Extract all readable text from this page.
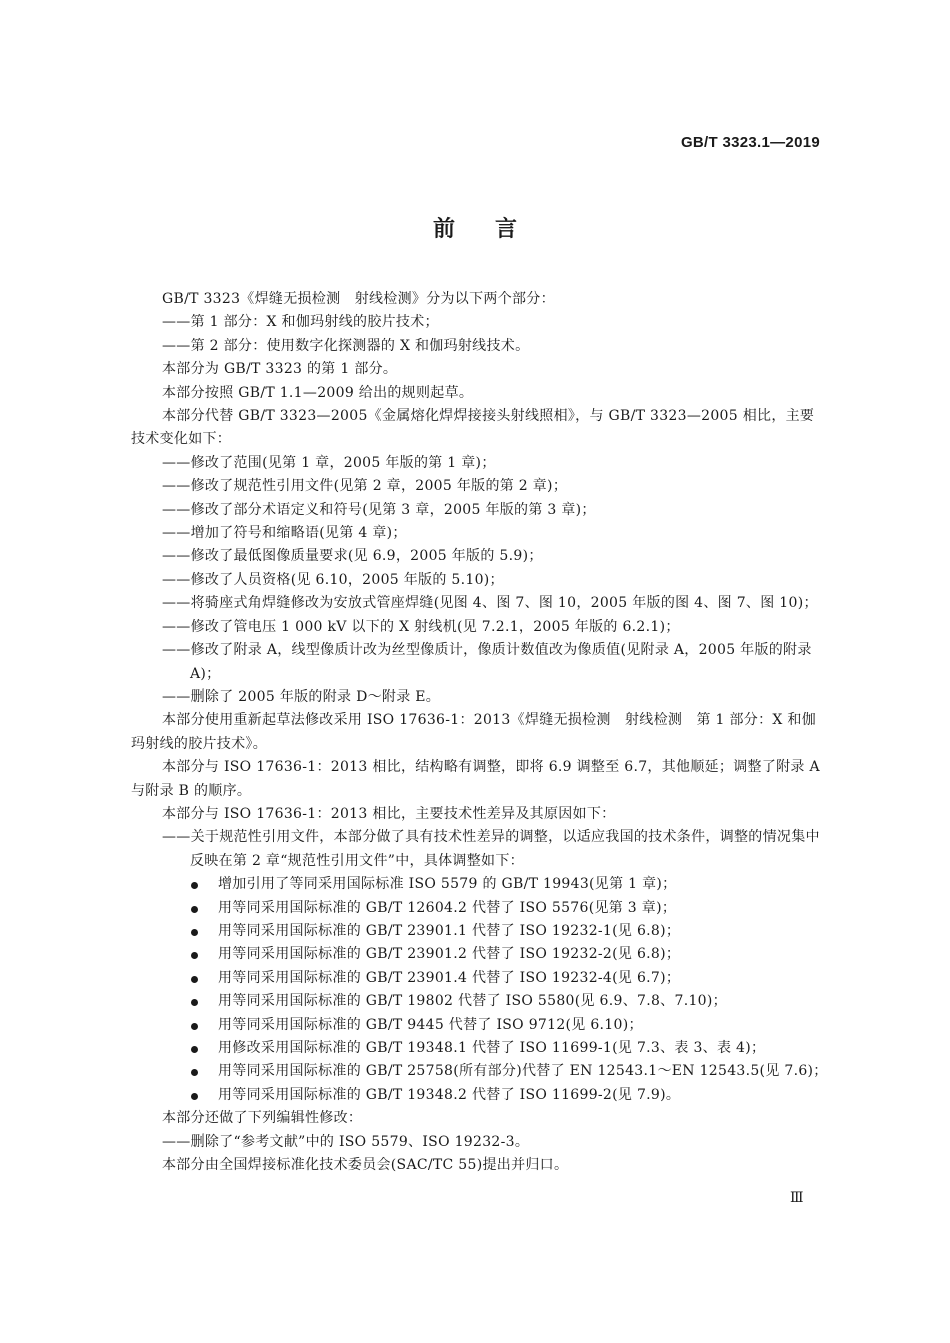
GB/T 3323.1—2019
前言

GB/T 3323《焊缝无损检测　射线检测》分为以下两个部分：

——第 1 部分：X 和伽玛射线的胶片技术；

——第 2 部分：使用数字化探测器的 X 和伽玛射线技术。

本部分为 GB/T 3323 的第 1 部分。

本部分按照 GB/T 1.1—2009 给出的规则起草。

本部分代替 GB/T 3323—2005《金属熔化焊焊接接头射线照相》，与 GB/T 3323—2005 相比，主要技术变化如下：

——修改了范围(见第 1 章，2005 年版的第 1 章)；

——修改了规范性引用文件(见第 2 章，2005 年版的第 2 章)；

——修改了部分术语定义和符号(见第 3 章，2005 年版的第 3 章)；

——增加了符号和缩略语(见第 4 章)；

——修改了最低图像质量要求(见 6.9，2005 年版的 5.9)；

——修改了人员资格(见 6.10，2005 年版的 5.10)；

——将骑座式角焊缝修改为安放式管座焊缝(见图 4、图 7、图 10，2005 年版的图 4、图 7、图 10)；

——修改了管电压 1 000 kV 以下的 X 射线机(见 7.2.1，2005 年版的 6.2.1)；

——修改了附录 A，线型像质计改为丝型像质计，像质计数值改为像质值(见附录 A，2005 年版的附录 A)；

——删除了 2005 年版的附录 D～附录 E。

本部分使用重新起草法修改采用 ISO 17636-1：2013《焊缝无损检测　射线检测　第 1 部分：X 和伽玛射线的胶片技术》。

本部分与 ISO 17636-1：2013 相比，结构略有调整，即将 6.9 调整至 6.7，其他顺延；调整了附录 A 与附录 B 的顺序。

本部分与 ISO 17636-1：2013 相比，主要技术性差异及其原因如下：

——关于规范性引用文件，本部分做了具有技术性差异的调整，以适应我国的技术条件，调整的情况集中反映在第 2 章“规范性引用文件”中，具体调整如下：

增加引用了等同采用国际标准 ISO 5579 的 GB/T 19943(见第 1 章)；

用等同采用国际标准的 GB/T 12604.2 代替了 ISO 5576(见第 3 章)；

用等同采用国际标准的 GB/T 23901.1 代替了 ISO 19232-1(见 6.8)；

用等同采用国际标准的 GB/T 23901.2 代替了 ISO 19232-2(见 6.8)；

用等同采用国际标准的 GB/T 23901.4 代替了 ISO 19232-4(见 6.7)；

用等同采用国际标准的 GB/T 19802 代替了 ISO 5580(见 6.9、7.8、7.10)；

用等同采用国际标准的 GB/T 9445 代替了 ISO 9712(见 6.10)；

用修改采用国际标准的 GB/T 19348.1 代替了 ISO 11699-1(见 7.3、表 3、表 4)；

用等同采用国际标准的 GB/T 25758(所有部分)代替了 EN 12543.1～EN 12543.5(见 7.6)；

用等同采用国际标准的 GB/T 19348.2 代替了 ISO 11699-2(见 7.9)。

本部分还做了下列编辑性修改：

——删除了“参考文献”中的 ISO 5579、ISO 19232-3。

本部分由全国焊接标准化技术委员会(SAC/TC 55)提出并归口。

Ⅲ
